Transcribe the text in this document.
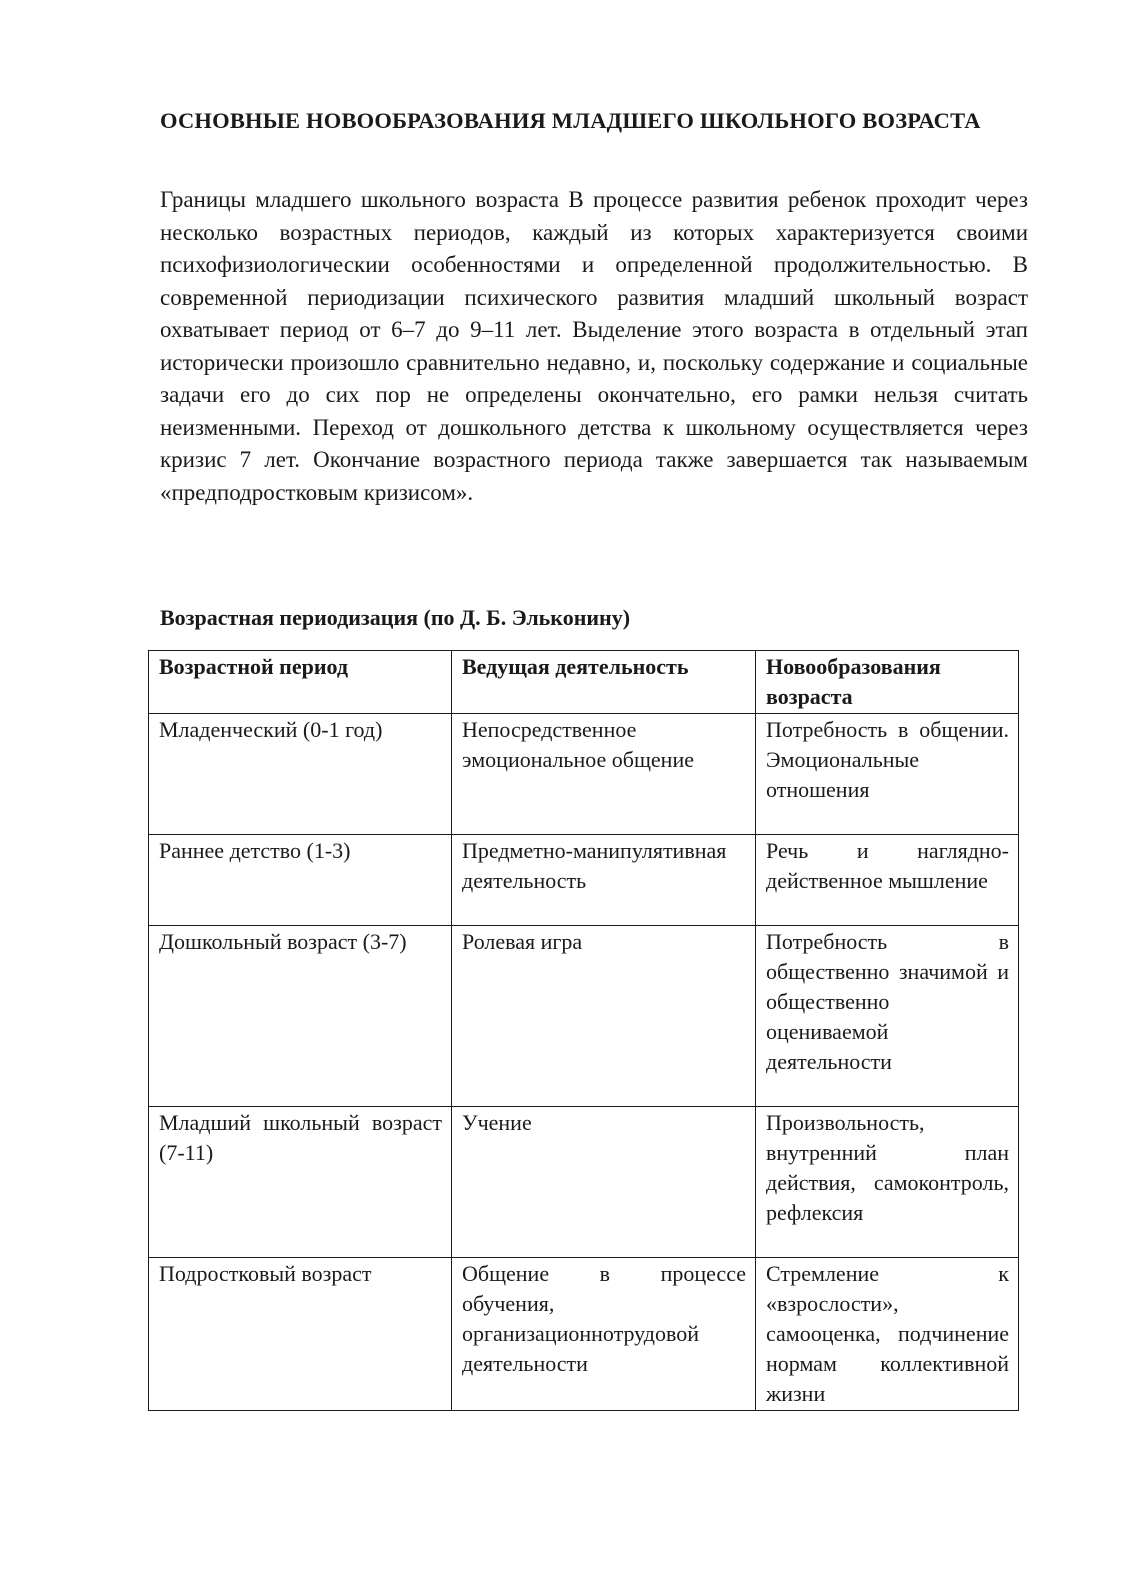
ОСНОВНЫЕ НОВООБРАЗОВАНИЯ МЛАДШЕГО ШКОЛЬНОГО ВОЗРАСТА

Границы младшего школьного возраста В процессе развития ребенок проходит через несколько возрастных периодов, каждый из которых характеризуется своими психофизиологическии особенностями и определенной продолжительностью. В современной периодизации психического развития младший школьный возраст охватывает период от 6–7 до 9–11 лет. Выделение этого возраста в отдельный этап исторически произошло сравнительно недавно, и, поскольку содержание и социальные задачи его до сих пор не определены окончательно, его рамки нельзя считать неизменными. Переход от дошкольного детства к школьному осуществляется через кризис 7 лет. Окончание возрастного периода также завершается так называемым «предподростковым кризисом».

Возрастная периодизация (по Д. Б. Эльконину)

Возрастной период	Ведущая деятельность	Новообразования возраста
Младенческий (0-1 год)	Непосредственное эмоциональное общение	Потребность в общении. Эмоциональные отношения
Раннее детство (1-3)	Предметно-манипулятивная деятельность	Речь и наглядно-действенное мышление
Дошкольный возраст (3-7)	Ролевая игра	Потребность в общественно значимой и общественно оцениваемой деятельности
Младший школьный возраст (7-11)	Учение	Произвольность, внутренний план действия, самоконтроль, рефлексия
Подростковый возраст	Общение в процессе обучения, организационнотрудовой деятельности	Стремление к «взрослости», самооценка, подчинение нормам коллективной жизни
